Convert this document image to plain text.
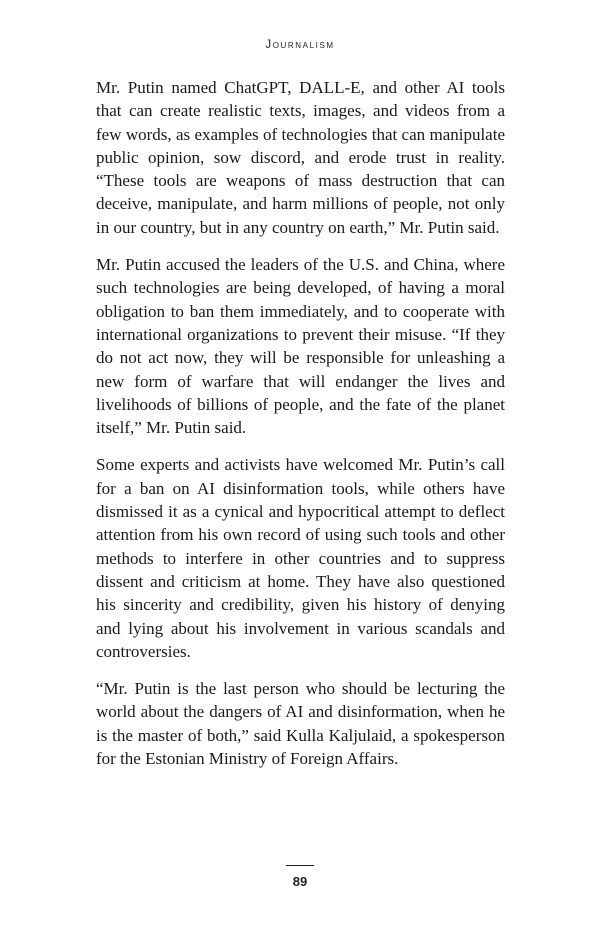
Journalism

Mr. Putin named ChatGPT, DALL-E, and other AI tools that can create realistic texts, images, and videos from a few words, as examples of technologies that can manipulate public opinion, sow discord, and erode trust in reality. “These tools are weapons of mass destruction that can deceive, manipulate, and harm millions of people, not only in our country, but in any country on earth,” Mr. Putin said.

Mr. Putin accused the leaders of the U.S. and China, where such technologies are being developed, of having a moral obligation to ban them immediately, and to cooperate with international organizations to prevent their misuse. “If they do not act now, they will be responsible for unleashing a new form of warfare that will endanger the lives and livelihoods of billions of people, and the fate of the planet itself,” Mr. Putin said.

Some experts and activists have welcomed Mr. Putin’s call for a ban on AI disinformation tools, while others have dismissed it as a cynical and hypocritical attempt to deflect attention from his own record of using such tools and other methods to interfere in other countries and to suppress dissent and criticism at home. They have also questioned his sincerity and credibility, given his history of denying and lying about his involvement in various scandals and controversies.

“Mr. Putin is the last person who should be lecturing the world about the dangers of AI and disinformation, when he is the master of both,” said Kulla Kaljulaid, a spokesperson for the Estonian Ministry of Foreign Affairs.

89
